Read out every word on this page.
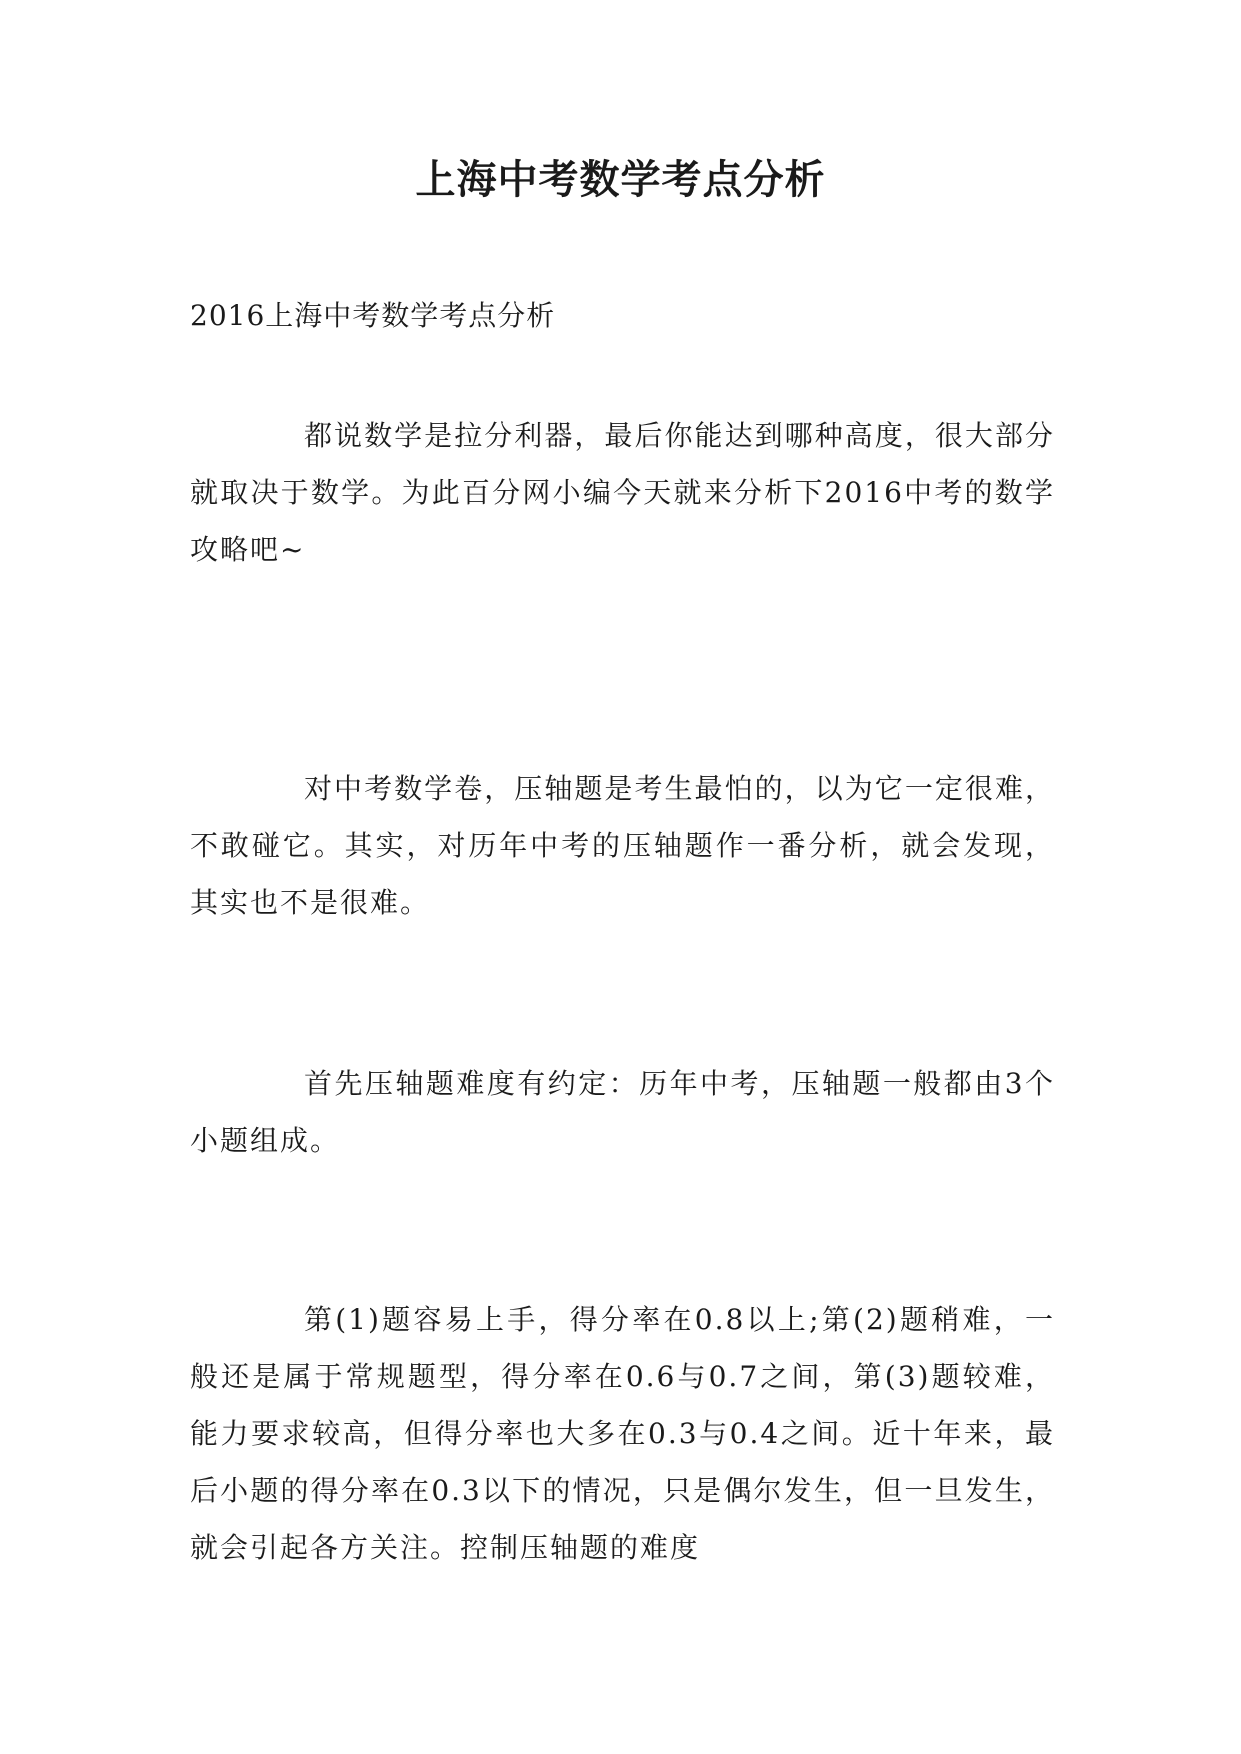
上海中考数学考点分析
2016上海中考数学考点分析

都说数学是拉分利器，最后你能达到哪种高度，很大部分就取决于数学。为此百分网小编今天就来分析下2016中考的数学攻略吧~

对中考数学卷，压轴题是考生最怕的，以为它一定很难，不敢碰它。其实，对历年中考的压轴题作一番分析，就会发现，其实也不是很难。

首先压轴题难度有约定：历年中考，压轴题一般都由3个小题组成。

第(1)题容易上手，得分率在0.8以上;第(2)题稍难，一般还是属于常规题型，得分率在0.6与0.7之间，第(3)题较难，能力要求较高，但得分率也大多在0.3与0.4之间。近十年来，最后小题的得分率在0.3以下的情况，只是偶尔发生，但一旦发生，就会引起各方关注。控制压轴题的难度
